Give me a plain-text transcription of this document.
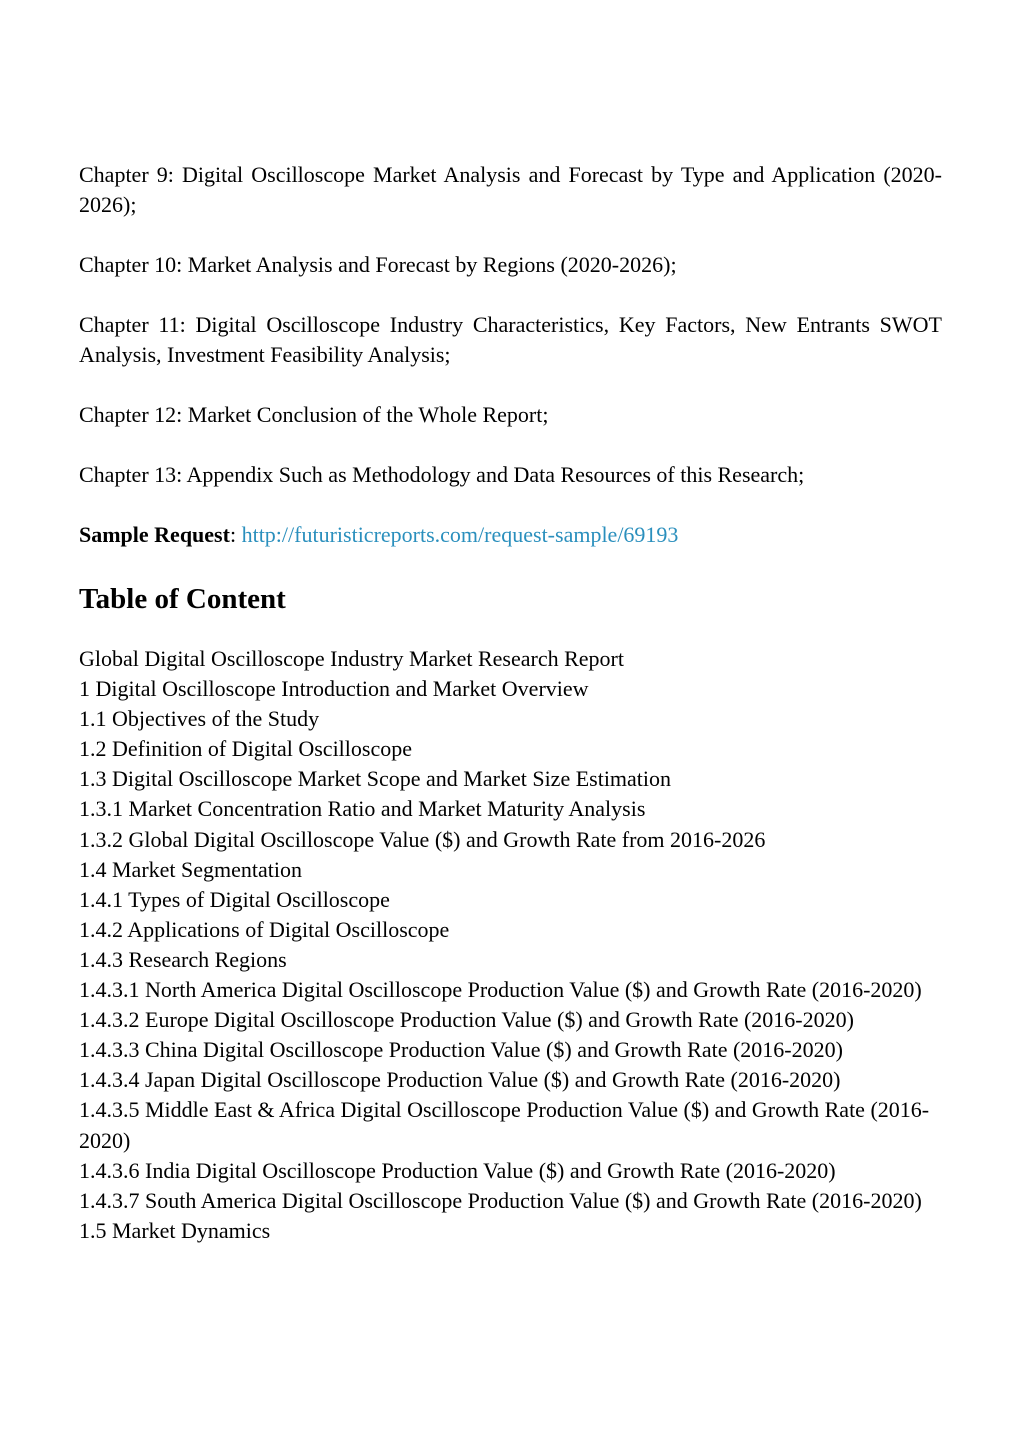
Chapter 9: Digital Oscilloscope Market Analysis and Forecast by Type and Application (2020-2026);

Chapter 10: Market Analysis and Forecast by Regions (2020-2026);

Chapter 11: Digital Oscilloscope Industry Characteristics, Key Factors, New Entrants SWOT Analysis, Investment Feasibility Analysis;

Chapter 12: Market Conclusion of the Whole Report;

Chapter 13: Appendix Such as Methodology and Data Resources of this Research;

Sample Request: http://futuristicreports.com/request-sample/69193

Table of Content
Global Digital Oscilloscope Industry Market Research Report
1 Digital Oscilloscope Introduction and Market Overview
1.1 Objectives of the Study
1.2 Definition of Digital Oscilloscope
1.3 Digital Oscilloscope Market Scope and Market Size Estimation
1.3.1 Market Concentration Ratio and Market Maturity Analysis
1.3.2 Global Digital Oscilloscope Value ($) and Growth Rate from 2016-2026
1.4 Market Segmentation
1.4.1 Types of Digital Oscilloscope
1.4.2 Applications of Digital Oscilloscope
1.4.3 Research Regions
1.4.3.1 North America Digital Oscilloscope Production Value ($) and Growth Rate (2016-2020)
1.4.3.2 Europe Digital Oscilloscope Production Value ($) and Growth Rate (2016-2020)
1.4.3.3 China Digital Oscilloscope Production Value ($) and Growth Rate (2016-2020)
1.4.3.4 Japan Digital Oscilloscope Production Value ($) and Growth Rate (2016-2020)
1.4.3.5 Middle East & Africa Digital Oscilloscope Production Value ($) and Growth Rate (2016-2020)
1.4.3.6 India Digital Oscilloscope Production Value ($) and Growth Rate (2016-2020)
1.4.3.7 South America Digital Oscilloscope Production Value ($) and Growth Rate (2016-2020)
1.5 Market Dynamics
